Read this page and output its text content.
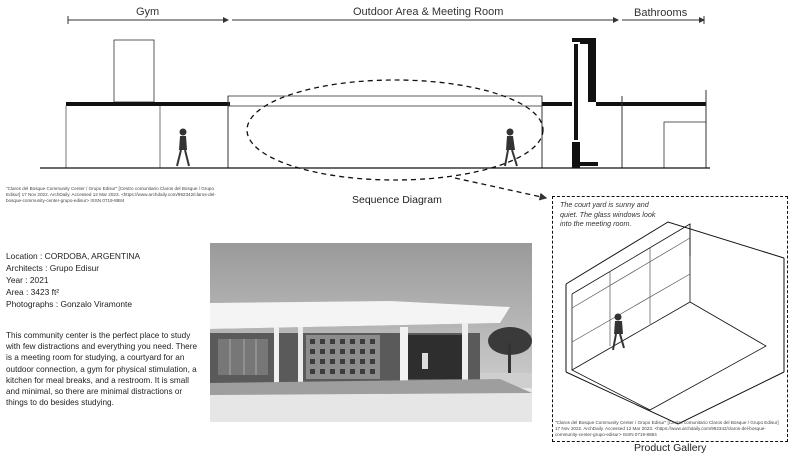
Gym	Outdoor Area & Meeting Room	Bathrooms
"Claros del Bosque Community Center / Grupo Edisur" [Centro comunitario Claros del Bosque / Grupo Edisur] 17 Nov 2022. ArchDaily. Accessed 12 Mar 2023. <https://www.archdaily.com/992342/claros-del-bosque-community-center-grupo-edisur> ISSN 0719-8884	Sequence Diagram
Location : CORDOBA, ARGENTINA
Architects : Grupo Edisur
Year : 2021
Area : 3423 ft²
Photographs : Gonzalo Viramonte
This community center is the perfect place to study with few distractions and everything you need. There is a meeting room for studying, a courtyard for an outdoor connection, a gym for physical stimulation, a kitchen for meal breaks, and a restroom. It is small and minimal, so there are minimal distractions or things to do besides studying.
The court yard is sunny and quiet. The glass windows look into the meeting room.
"Claros del Bosque Community Center / Grupo Edisur" [Centro comunitario Claros del Bosque / Grupo Edisur] 17 Nov 2022. ArchDaily. Accessed 12 Mar 2023. <https://www.archdaily.com/992342/claros-del-bosque-community-center-grupo-edisur> ISSN 0719-8884
Product Gallery
